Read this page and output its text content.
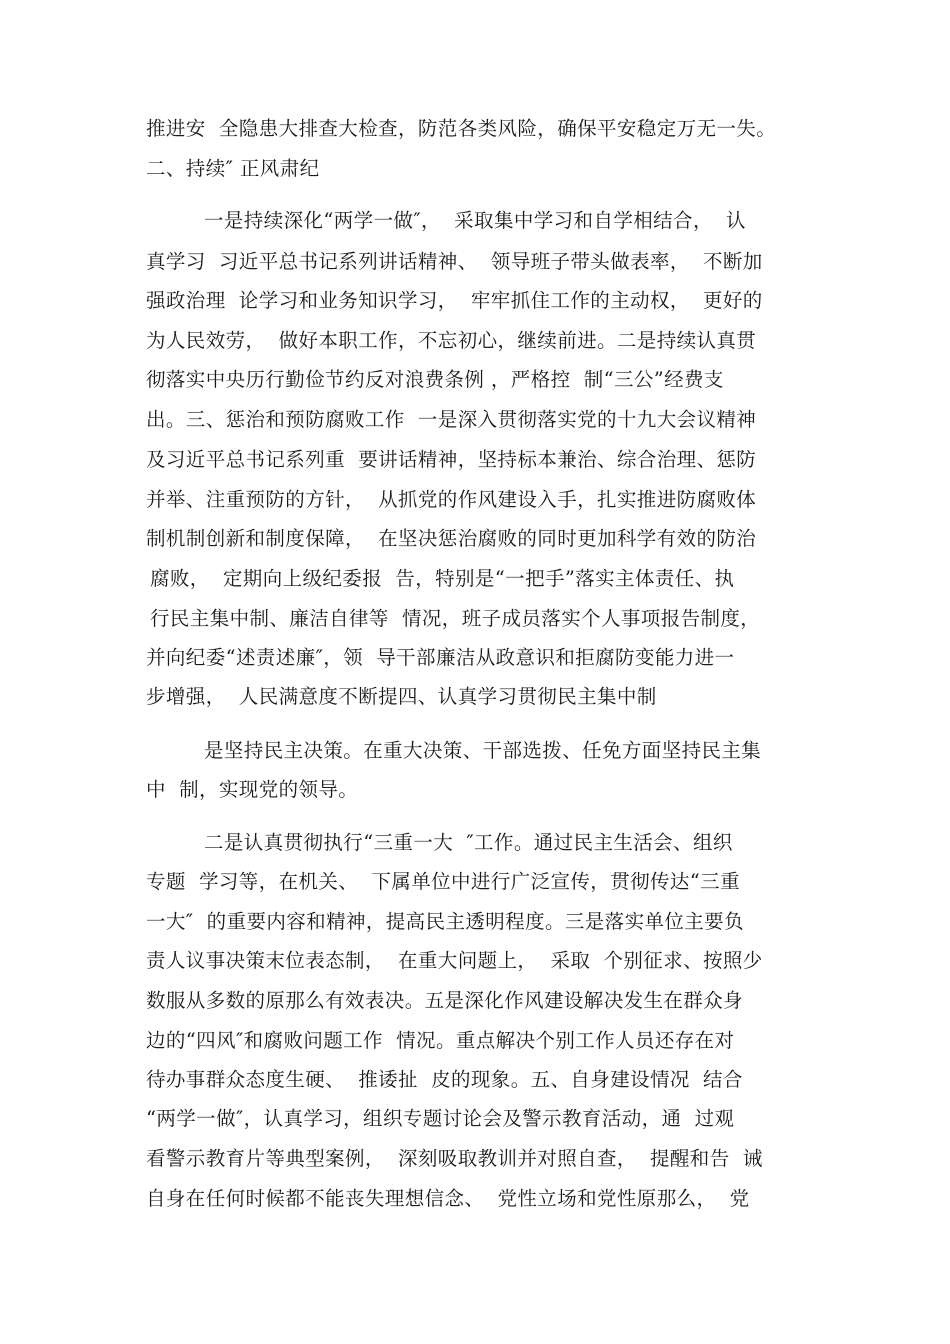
推进安  全隐患大排查大检查，防范各类风险，确保平安稳定万无一失。
二、持续″ 正风肃纪
一是持续深化“两学一做″，  采取集中学习和自学相结合，  认
真学习  习近平总书记系列讲话精神、  领导班子带头做表率，  不断加
强政治理  论学习和业务知识学习，  牢牢抓住工作的主动权，  更好的
为人民效劳，  做好本职工作，不忘初心，继续前进。二是持续认真贯
彻落实中央历行勤俭节约反对浪费条例 ，严格控  制“三公”经费支
出。三、惩治和预防腐败工作  一是深入贯彻落实党的十九大会议精神
及习近平总书记系列重  要讲话精神，坚持标本兼治、综合治理、惩防
并举、注重预防的方针，  从抓党的作风建设入手，扎实推进防腐败体
制机制创新和制度保障，  在坚决惩治腐败的同时更加科学有效的防治
腐败，  定期向上级纪委报  告，特别是“一把手”落实主体责任、执
行民主集中制、廉洁自律等  情况，班子成员落实个人事项报告制度，
并向纪委“述责述廉″，领  导干部廉洁从政意识和拒腐防变能力进一
步增强，  人民满意度不断提四、认真学习贯彻民主集中制
是坚持民主决策。在重大决策、干部选拨、任免方面坚持民主集
中  制，实现党的领导。
二是认真贯彻执行“三重一大  ″工作。通过民主生活会、组织
专题  学习等，在机关、  下属单位中进行广泛宣传，贯彻传达“三重
一大″  的重要内容和精神，提高民主透明程度。三是落实单位主要负
责人议事决策末位表态制，  在重大问题上，  采取  个别征求、按照少
数服从多数的原那么有效表决。五是深化作风建设解决发生在群众身
边的“四风″和腐败问题工作  情况。重点解决个别工作人员还存在对
待办事群众态度生硬、  推诿扯  皮的现象。五、自身建设情况  结合
“两学一做″，认真学习，组织专题讨论会及警示教育活动，通  过观
看警示教育片等典型案例，  深刻吸取教训并对照自查，  提醒和告  诫
自身在任何时候都不能丧失理想信念、  党性立场和党性原那么，  党
